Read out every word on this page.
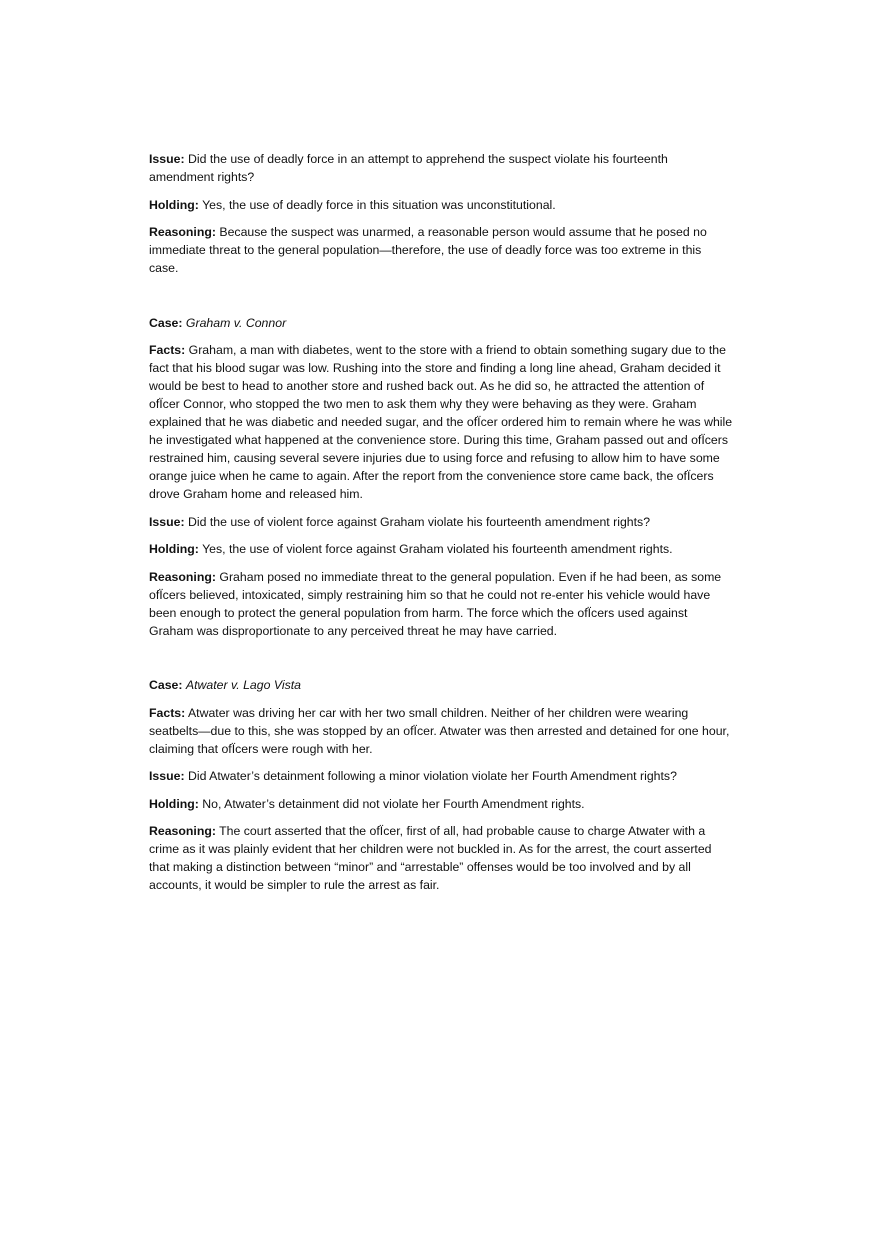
Issue: Did the use of deadly force in an attempt to apprehend the suspect violate his fourteenth amendment rights?

Holding: Yes, the use of deadly force in this situation was unconstitutional.

Reasoning: Because the suspect was unarmed, a reasonable person would assume that he posed no immediate threat to the general population—therefore, the use of deadly force was too extreme in this case.

Case: Graham v. Connor

Facts: Graham, a man with diabetes, went to the store with a friend to obtain something sugary due to the fact that his blood sugar was low. Rushing into the store and finding a long line ahead, Graham decided it would be best to head to another store and rushed back out. As he did so, he attracted the attention of ofÏcer Connor, who stopped the two men to ask them why they were behaving as they were. Graham explained that he was diabetic and needed sugar, and the ofÏcer ordered him to remain where he was while he investigated what happened at the convenience store. During this time, Graham passed out and ofÏcers restrained him, causing several severe injuries due to using force and refusing to allow him to have some orange juice when he came to again. After the report from the convenience store came back, the ofÏcers drove Graham home and released him.

Issue: Did the use of violent force against Graham violate his fourteenth amendment rights?

Holding: Yes, the use of violent force against Graham violated his fourteenth amendment rights.

Reasoning: Graham posed no immediate threat to the general population. Even if he had been, as some ofÏcers believed, intoxicated, simply restraining him so that he could not re-enter his vehicle would have been enough to protect the general population from harm. The force which the ofÏcers used against Graham was disproportionate to any perceived threat he may have carried.

Case: Atwater v. Lago Vista

Facts: Atwater was driving her car with her two small children. Neither of her children were wearing seatbelts—due to this, she was stopped by an ofÏcer. Atwater was then arrested and detained for one hour, claiming that ofÏcers were rough with her.

Issue: Did Atwater’s detainment following a minor violation violate her Fourth Amendment rights?

Holding: No, Atwater’s detainment did not violate her Fourth Amendment rights.

Reasoning: The court asserted that the ofÏcer, first of all, had probable cause to charge Atwater with a crime as it was plainly evident that her children were not buckled in. As for the arrest, the court asserted that making a distinction between “minor” and “arrestable” offenses would be too involved and by all accounts, it would be simpler to rule the arrest as fair.
